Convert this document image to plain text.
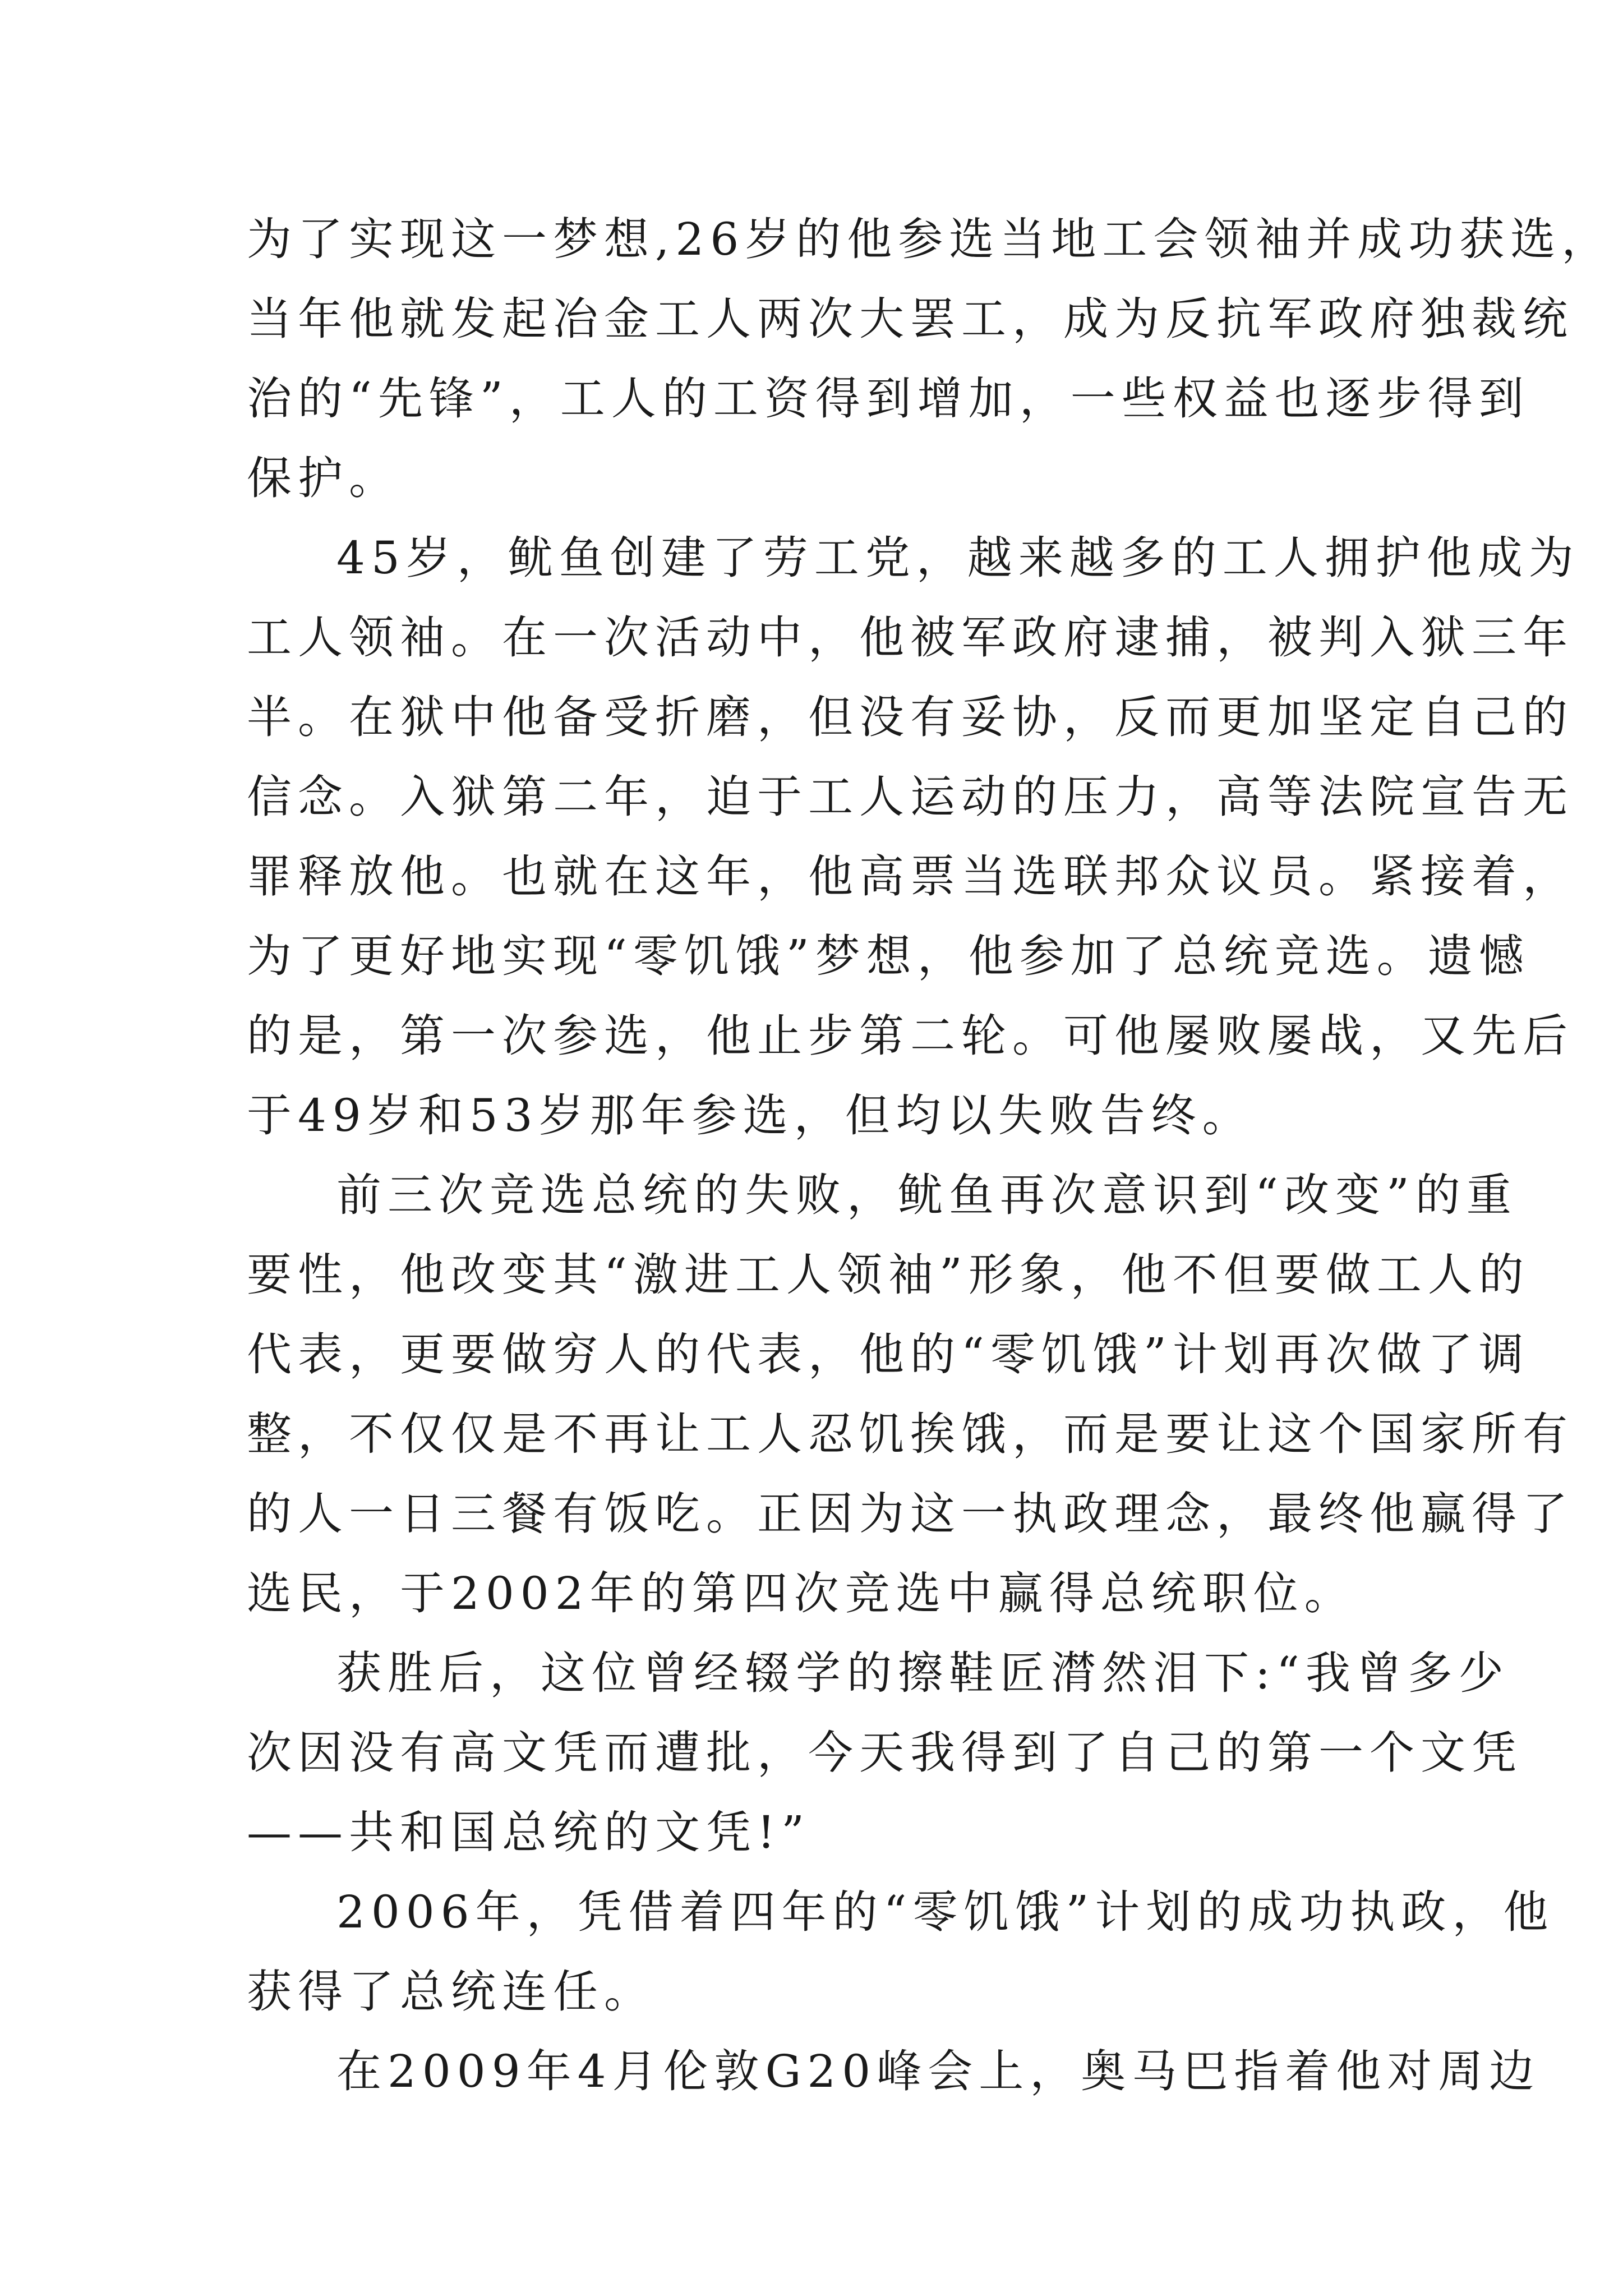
为了实现这一梦想,26岁的他参选当地工会领袖并成功获选，
当年他就发起冶金工人两次大罢工，成为反抗军政府独裁统
治的“先锋”，工人的工资得到增加，一些权益也逐步得到
保护。
45岁，鱿鱼创建了劳工党，越来越多的工人拥护他成为
工人领袖。在一次活动中，他被军政府逮捕，被判入狱三年
半。在狱中他备受折磨，但没有妥协，反而更加坚定自己的
信念。入狱第二年，迫于工人运动的压力，高等法院宣告无
罪释放他。也就在这年，他高票当选联邦众议员。紧接着，
为了更好地实现“零饥饿”梦想，他参加了总统竞选。遗憾
的是，第一次参选，他止步第二轮。可他屡败屡战，又先后
于49岁和53岁那年参选，但均以失败告终。
前三次竞选总统的失败，鱿鱼再次意识到“改变”的重
要性，他改变其“激进工人领袖”形象，他不但要做工人的
代表，更要做穷人的代表，他的“零饥饿”计划再次做了调
整，不仅仅是不再让工人忍饥挨饿，而是要让这个国家所有
的人一日三餐有饭吃。正因为这一执政理念，最终他赢得了
选民，于2002年的第四次竞选中赢得总统职位。
获胜后，这位曾经辍学的擦鞋匠潸然泪下:“我曾多少
次因没有高文凭而遭批，今天我得到了自己的第一个文凭
——共和国总统的文凭!”
2006年，凭借着四年的“零饥饿”计划的成功执政，他
获得了总统连任。
在2009年4月伦敦G20峰会上，奥马巴指着他对周边
